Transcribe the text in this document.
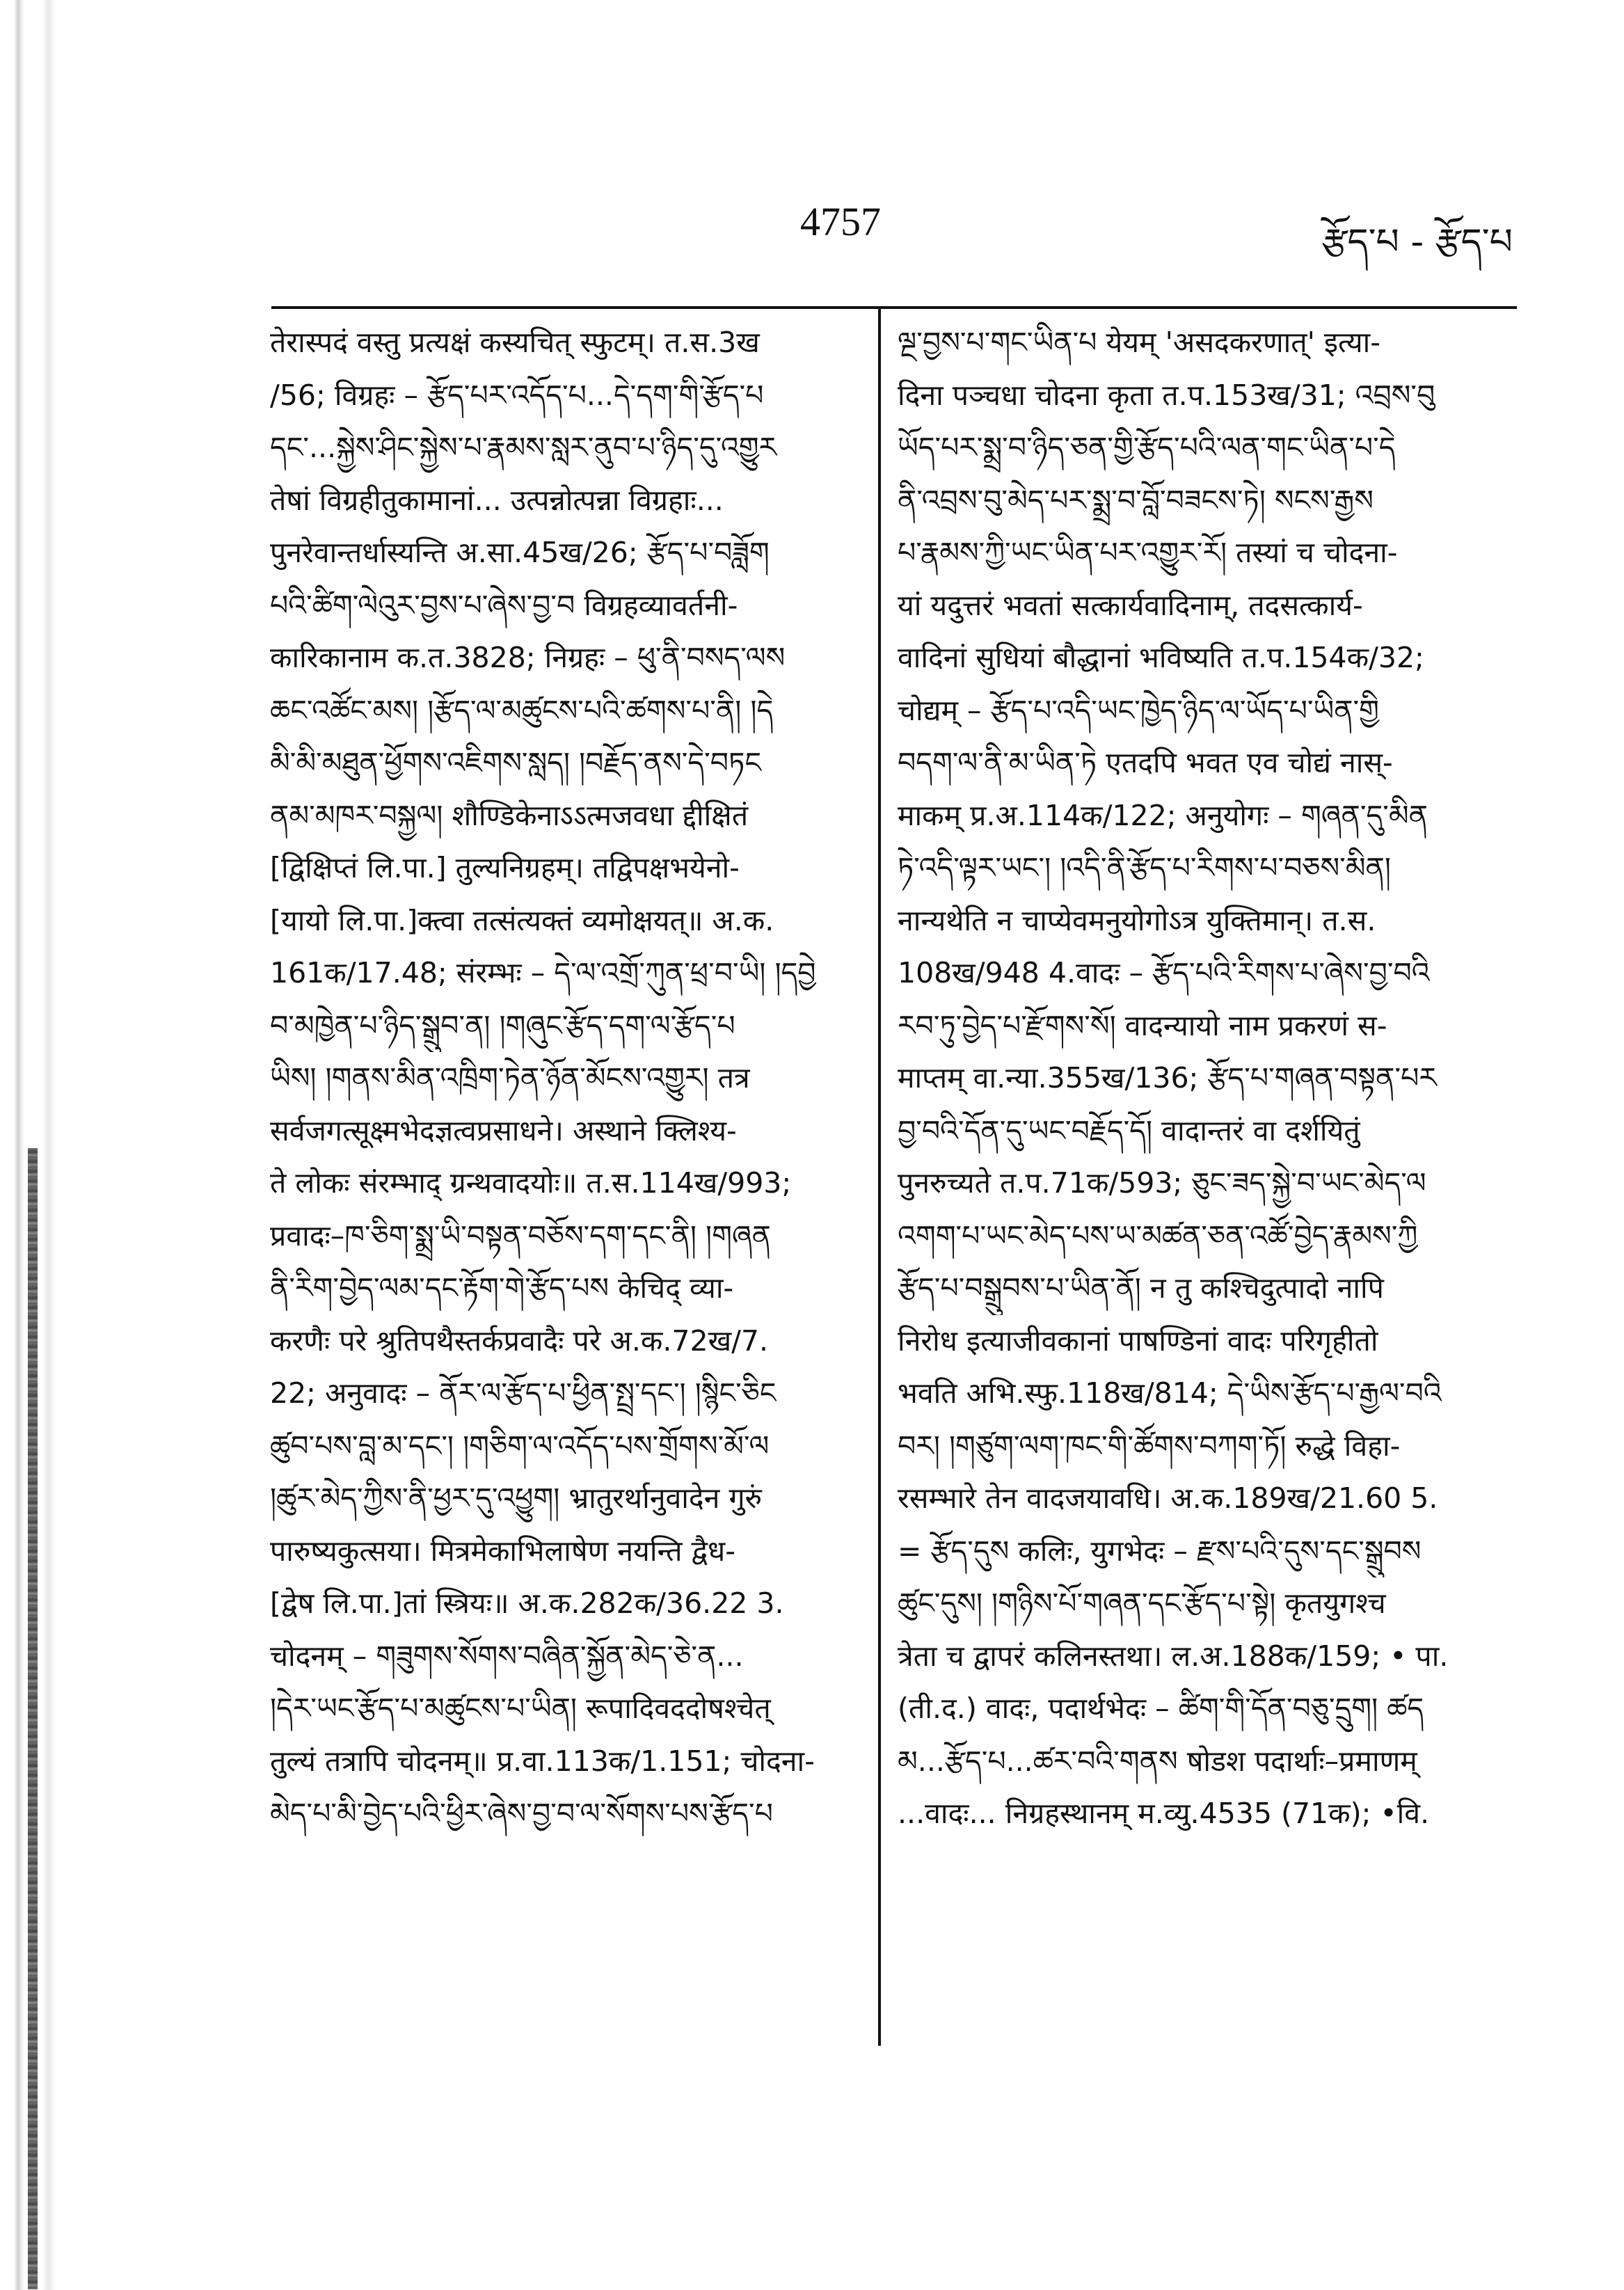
4757	རྩོད་པ - རྩོད་པ
तेरास्पदं वस्तु प्रत्यक्षं कस्यचित् स्फुटम्। त.स.3ख
/56; विग्रहः – རྩོད་པར་འདོད་པ...དེ་དག་གི་རྩོད་པ
དང་...སྐྱེས་ཤིང་སྐྱེས་པ་རྣམས་སླར་ནུབ་པ་ཉིད་དུ་འགྱུར
तेषां विग्रहीतुकामानां... उत्पन्नोत्पन्ना विग्रहाः...
पुनरेवान्तर्धास्यन्ति अ.सा.45ख/26; རྩོད་པ་བཟློག
པའི་ཚིག་ལེའུར་བྱས་པ་ཞེས་བྱ་བ विग्रहव्यावर्तनी-
कारिकानाम क.त.3828; निग्रहः – ཕུ་ནི་བསད་ལས
ཆང་འཚོང་མས། །རྩོད་ལ་མཚུངས་པའི་ཚགས་པ་ནི། །དེ
མི་མི་མཐུན་ཕྱོགས་འཇིགས་སླད། །བརྗོད་ནས་དེ་བཏང
ནམ་མཁར་བསྐྱལ། शौण्डिकेनाऽऽत्मजवधा द्दीक्षितं
[द्विक्षिप्तं लि.पा.] तुल्यनिग्रहम्। तद्विपक्षभयेनो-
[यायो लि.पा.]क्त्वा तत्संत्यक्तं व्यमोक्षयत्॥ अ.क.
161क/17.48; संरम्भः – དེ་ལ་འགྲོ་ཀུན་ཕྲ་བ་ཡི། །དབྱེ
བ་མཁྱེན་པ་ཉིད་སྒྲུབ་ན། །གཞུང་རྩོད་དག་ལ་རྩོད་པ
ཡིས། །གནས་མིན་འཁྲིག་ཏེན་ཉོན་མོངས་འགྱུར། तत्र
सर्वजगत्सूक्ष्मभेदज्ञत्वप्रसाधने। अस्थाने क्लिश्य-
ते लोकः संरम्भाद् ग्रन्थवादयोः॥ त.स.114ख/993;
प्रवादः–ཁ་ཅིག་སྨྲ་ཡི་བསྟན་བཅོས་དག་དང་ནི། །གཞན
ནི་རིག་བྱེད་ལམ་དང་རྟོག་གེ་རྩོད་པས केचिद् व्या-
करणैः परे श्रुतिपथैस्तर्कप्रवादैः परे अ.क.72ख/7.
22; अनुवादः – ནོར་ལ་རྩོད་པ་ཕྱིན་སྤྲ་དང་། །སྙིང་ཅིང
ཚུབ་པས་བླ་མ་དང་། །གཅིག་ལ་འདོད་པས་གྲོགས་མོ་ལ
།ཚུར་མེད་ཀྱིས་ནི་ཕྱར་དུ་འཕྱུག། भ्रातुरर्थानुवादेन गुरुं
पारुष्यकुत्सया। मित्रमेकाभिलाषेण नयन्ति द्वैध-
[द्वेष लि.पा.]तां स्त्रियः॥ अ.क.282क/36.22 3.
चोदनम् – གཟུགས་སོགས་བཞིན་སྐྱོན་མེད་ཅེ་ན...
།དེར་ཡང་རྩོད་པ་མཚུངས་པ་ཡིན། रूपादिवददोषश्चेत्
तुल्यं तत्रापि चोदनम्॥ प्र.वा.113क/1.151; चोदना-
མེད་པ་མི་བྱེད་པའི་ཕྱིར་ཞེས་བྱ་བ་ལ་སོགས་པས་རྩོད་པ
ལྔ་བྱས་པ་གང་ཡིན་པ येयम् 'असदकरणात्' इत्या-
दिना पञ्चधा चोदना कृता त.प.153ख/31; འབྲས་བུ
ཡོད་པར་སྨྲ་བ་ཉིད་ཅན་གྱི་རྩོད་པའི་ལན་གང་ཡིན་པ་དེ
ནི་འབྲས་བུ་མེད་པར་སྨྲ་བ་བློ་བཟངས་ཏེ། སངས་རྒྱས
པ་རྣམས་ཀྱི་ཡང་ཡིན་པར་འགྱུར་རོ། तस्यां च चोदना-
यां यदुत्तरं भवतां सत्कार्यवादिनाम्, तदसत्कार्य-
वादिनां सुधियां बौद्धानां भविष्यति त.प.154क/32;
चोद्यम् – རྩོད་པ་འདི་ཡང་ཁྱེད་ཉིད་ལ་ཡོད་པ་ཡིན་གྱི
བདག་ལ་ནི་མ་ཡིན་ཏེ एतदपि भवत एव चोद्यं नास्-
माकम् प्र.अ.114क/122; अनुयोगः – གཞན་དུ་མིན
ཏེ་འདི་ལྟར་ཡང་། །འདི་ནི་རྩོད་པ་རིགས་པ་བཅས་མིན།
नान्यथेति न चाप्येवमनुयोगोऽत्र युक्तिमान्। त.स.
108ख/948 4.वादः – རྩོད་པའི་རིགས་པ་ཞེས་བྱ་བའི
རབ་ཏུ་བྱེད་པ་རྫོགས་སོ། वादन्यायो नाम प्रकरणं स-
माप्तम् वा.न्या.355ख/136; རྩོད་པ་གཞན་བསྟན་པར
བྱ་བའི་དོན་དུ་ཡང་བརྗོད་དོ། वादान्तरं वा दर्शयितुं
पुनरुच्यते त.प.71क/593; ཅུང་ཟད་སྐྱེ་བ་ཡང་མེད་ལ
འགག་པ་ཡང་མེད་པས་ཡ་མཚན་ཅན་འཚོ་བྱེད་རྣམས་ཀྱི
རྩོད་པ་བསྒྲུབས་པ་ཡིན་ནོ། न तु कश्चिदुत्पादो नापि
निरोध इत्याजीवकानां पाषण्डिनां वादः परिगृहीतो
भवति अभि.स्फु.118ख/814; དེ་ཡིས་རྩོད་པ་རྒྱལ་བའི
བར། །གཙུག་ལག་ཁང་གི་ཚོགས་བཀག་ཏོ། रुद्धे विहा-
रसम्भारे तेन वादजयावधि। अ.क.189ख/21.60 5.
= རྩོད་དུས कलिः, युगभेदः – རྫས་པའི་དུས་དང་སྒྲུབས
ཚུང་དུས། །གཉིས་པོ་གཞན་དང་རྩོད་པ་སྟེ། कृतयुगश्च
त्रेता च द्वापरं कलिनस्तथा। ल.अ.188क/159; • पा.
(ती.द.) वादः, पदार्थभेदः – ཚིག་གི་དོན་བཅུ་དྲུག། ཚད
མ...རྩོད་པ...ཚར་བའི་གནས षोडश पदार्थाः–प्रमाणम्
...वादः... निग्रहस्थानम् म.व्यु.4535 (71क); •वि.
